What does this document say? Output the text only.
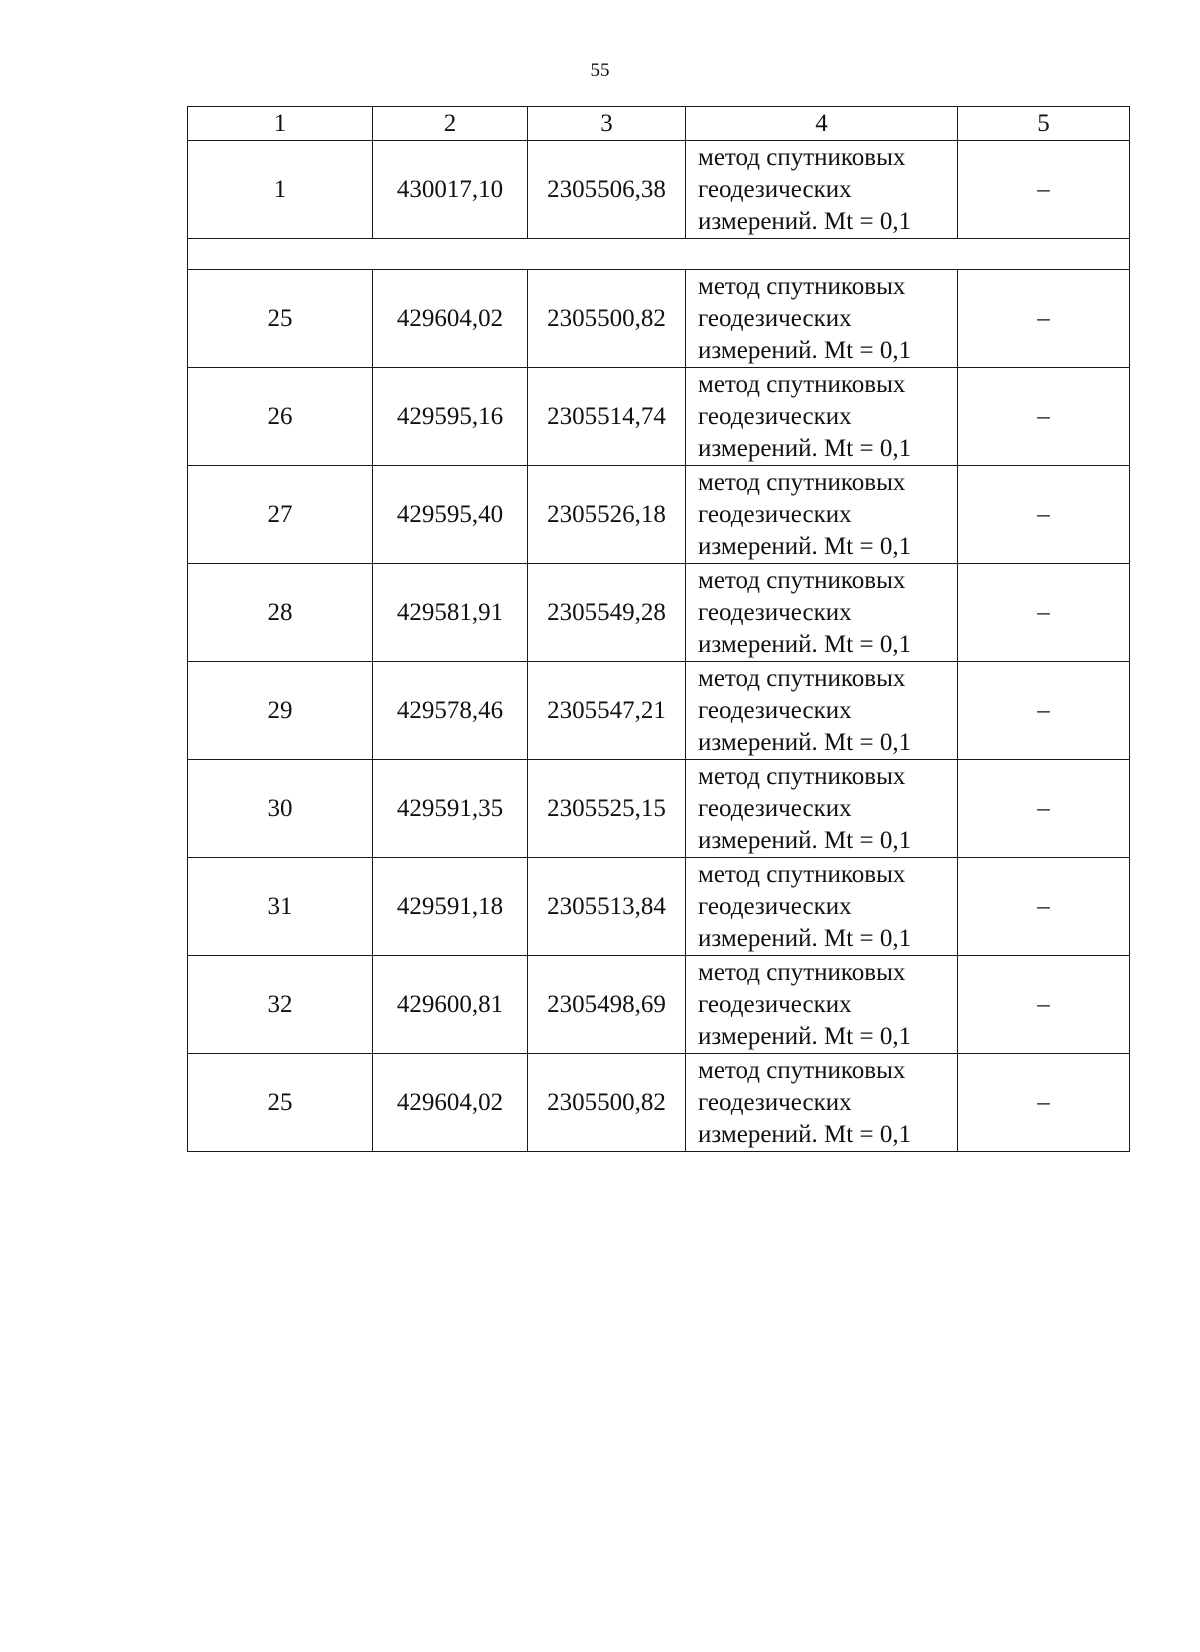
55
1	2	3	4	5
1	430017,10	2305506,38	метод спутниковых
геодезических
измерений. Mt = 0,1	–

25	429604,02	2305500,82	метод спутниковых
геодезических
измерений. Mt = 0,1	–
26	429595,16	2305514,74	метод спутниковых
геодезических
измерений. Mt = 0,1	–
27	429595,40	2305526,18	метод спутниковых
геодезических
измерений. Mt = 0,1	–
28	429581,91	2305549,28	метод спутниковых
геодезических
измерений. Mt = 0,1	–
29	429578,46	2305547,21	метод спутниковых
геодезических
измерений. Mt = 0,1	–
30	429591,35	2305525,15	метод спутниковых
геодезических
измерений. Mt = 0,1	–
31	429591,18	2305513,84	метод спутниковых
геодезических
измерений. Mt = 0,1	–
32	429600,81	2305498,69	метод спутниковых
геодезических
измерений. Mt = 0,1	–
25	429604,02	2305500,82	метод спутниковых
геодезических
измерений. Mt = 0,1	–
